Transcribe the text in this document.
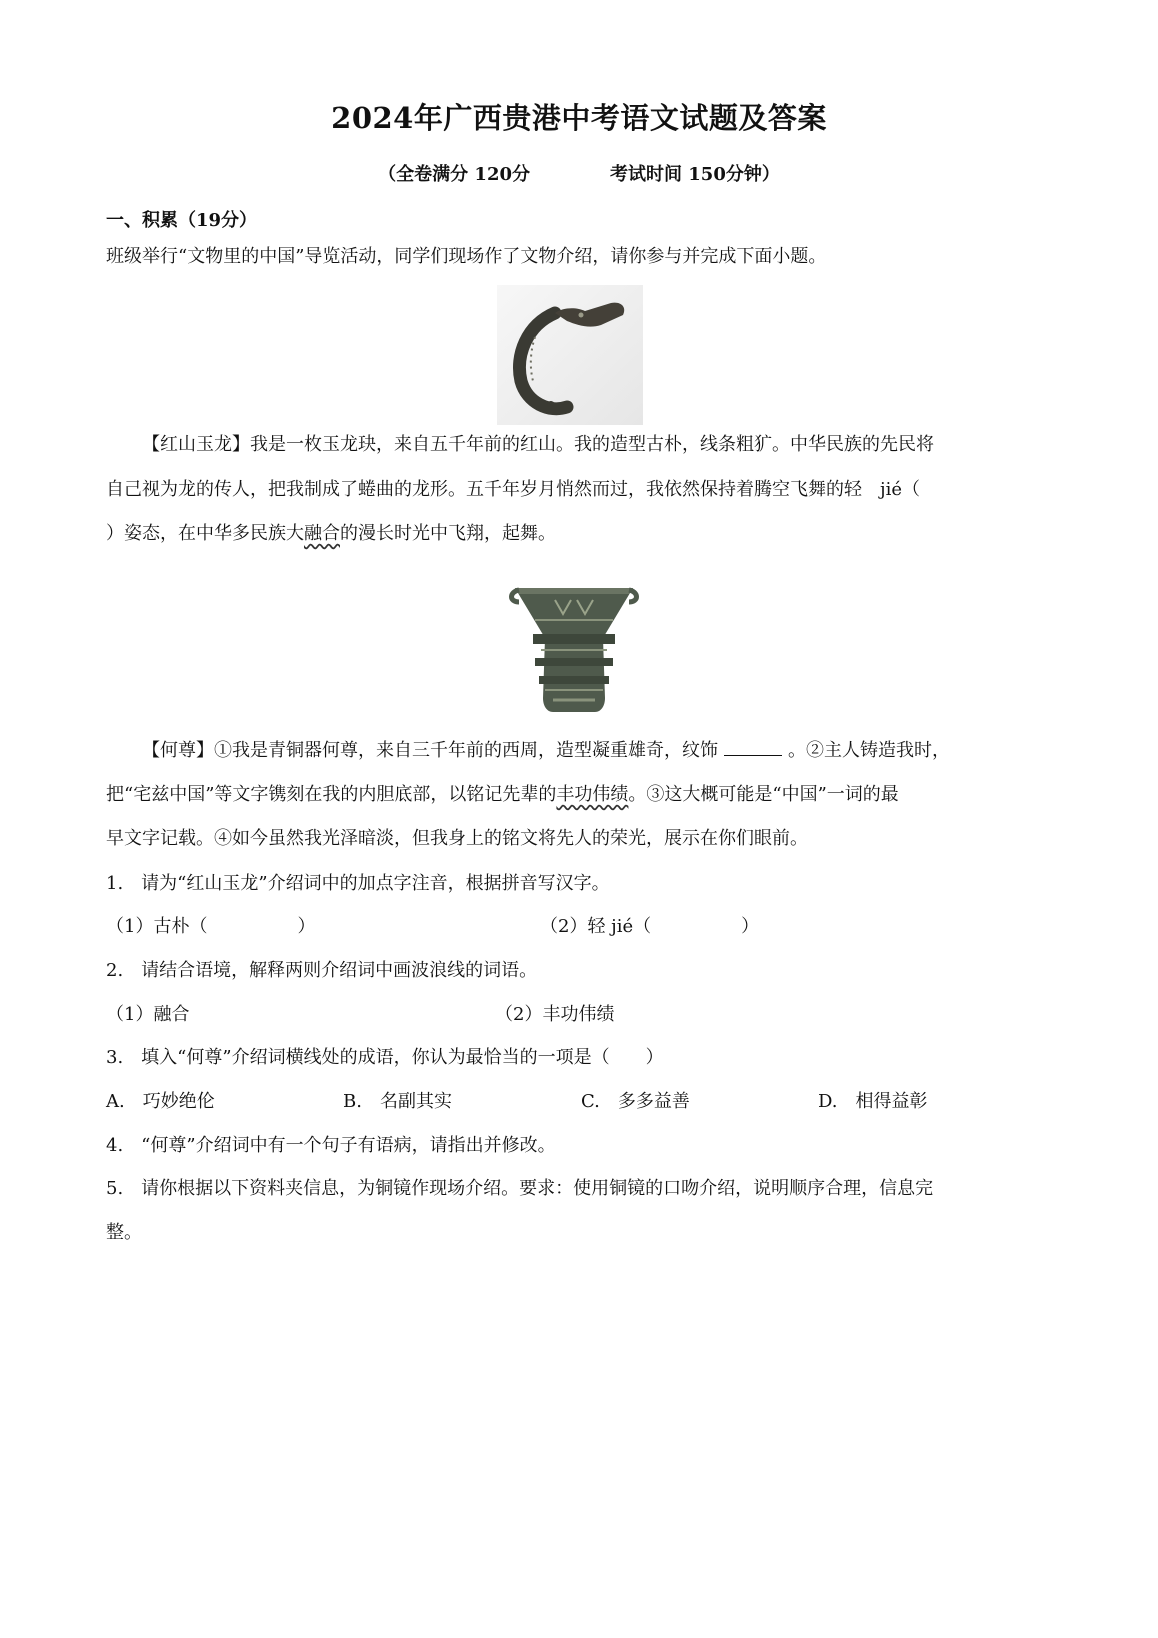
2024年广西贵港中考语文试题及答案
（全卷满分 120分	考试时间 150分钟）
一、积累（19分）
班级举行“文物里的中国”导览活动，同学们现场作了文物介绍，请你参与并完成下面小题。
【红山玉龙】我是一枚玉龙玦，来自五千年前的红山。我的造型古朴，线条粗犷。中华民族的先民将
自己视为龙的传人，把我制成了蜷曲的龙形。五千年岁月悄然而过，我依然保持着腾空飞舞的轻　jié（
）姿态，在中华多民族大融合的漫长时光中飞翔，起舞。
【何尊】①我是青铜器何尊，来自三千年前的西周，造型凝重雄奇，纹饰	。②主人铸造我时，
把“宅兹中国”等文字镌刻在我的内胆底部，以铭记先辈的丰功伟绩。③这大概可能是“中国”一词的最
早文字记载。④如今虽然我光泽暗淡，但我身上的铭文将先人的荣光，展示在你们眼前。
1.　请为“红山玉龙”介绍词中的加点字注音，根据拼音写汉字。
（1）古朴（　　　　　）	（2）轻 jié（　　　　　）
2.　请结合语境，解释两则介绍词中画波浪线的词语。
（1）融合	（2）丰功伟绩
3.　填入“何尊”介绍词横线处的成语，你认为最恰当的一项是（　　）
A.　巧妙绝伦	B.　名副其实	C.　多多益善	D.　相得益彰
4.　“何尊”介绍词中有一个句子有语病，请指出并修改。
5.　请你根据以下资料夹信息，为铜镜作现场介绍。要求：使用铜镜的口吻介绍，说明顺序合理，信息完
整。
